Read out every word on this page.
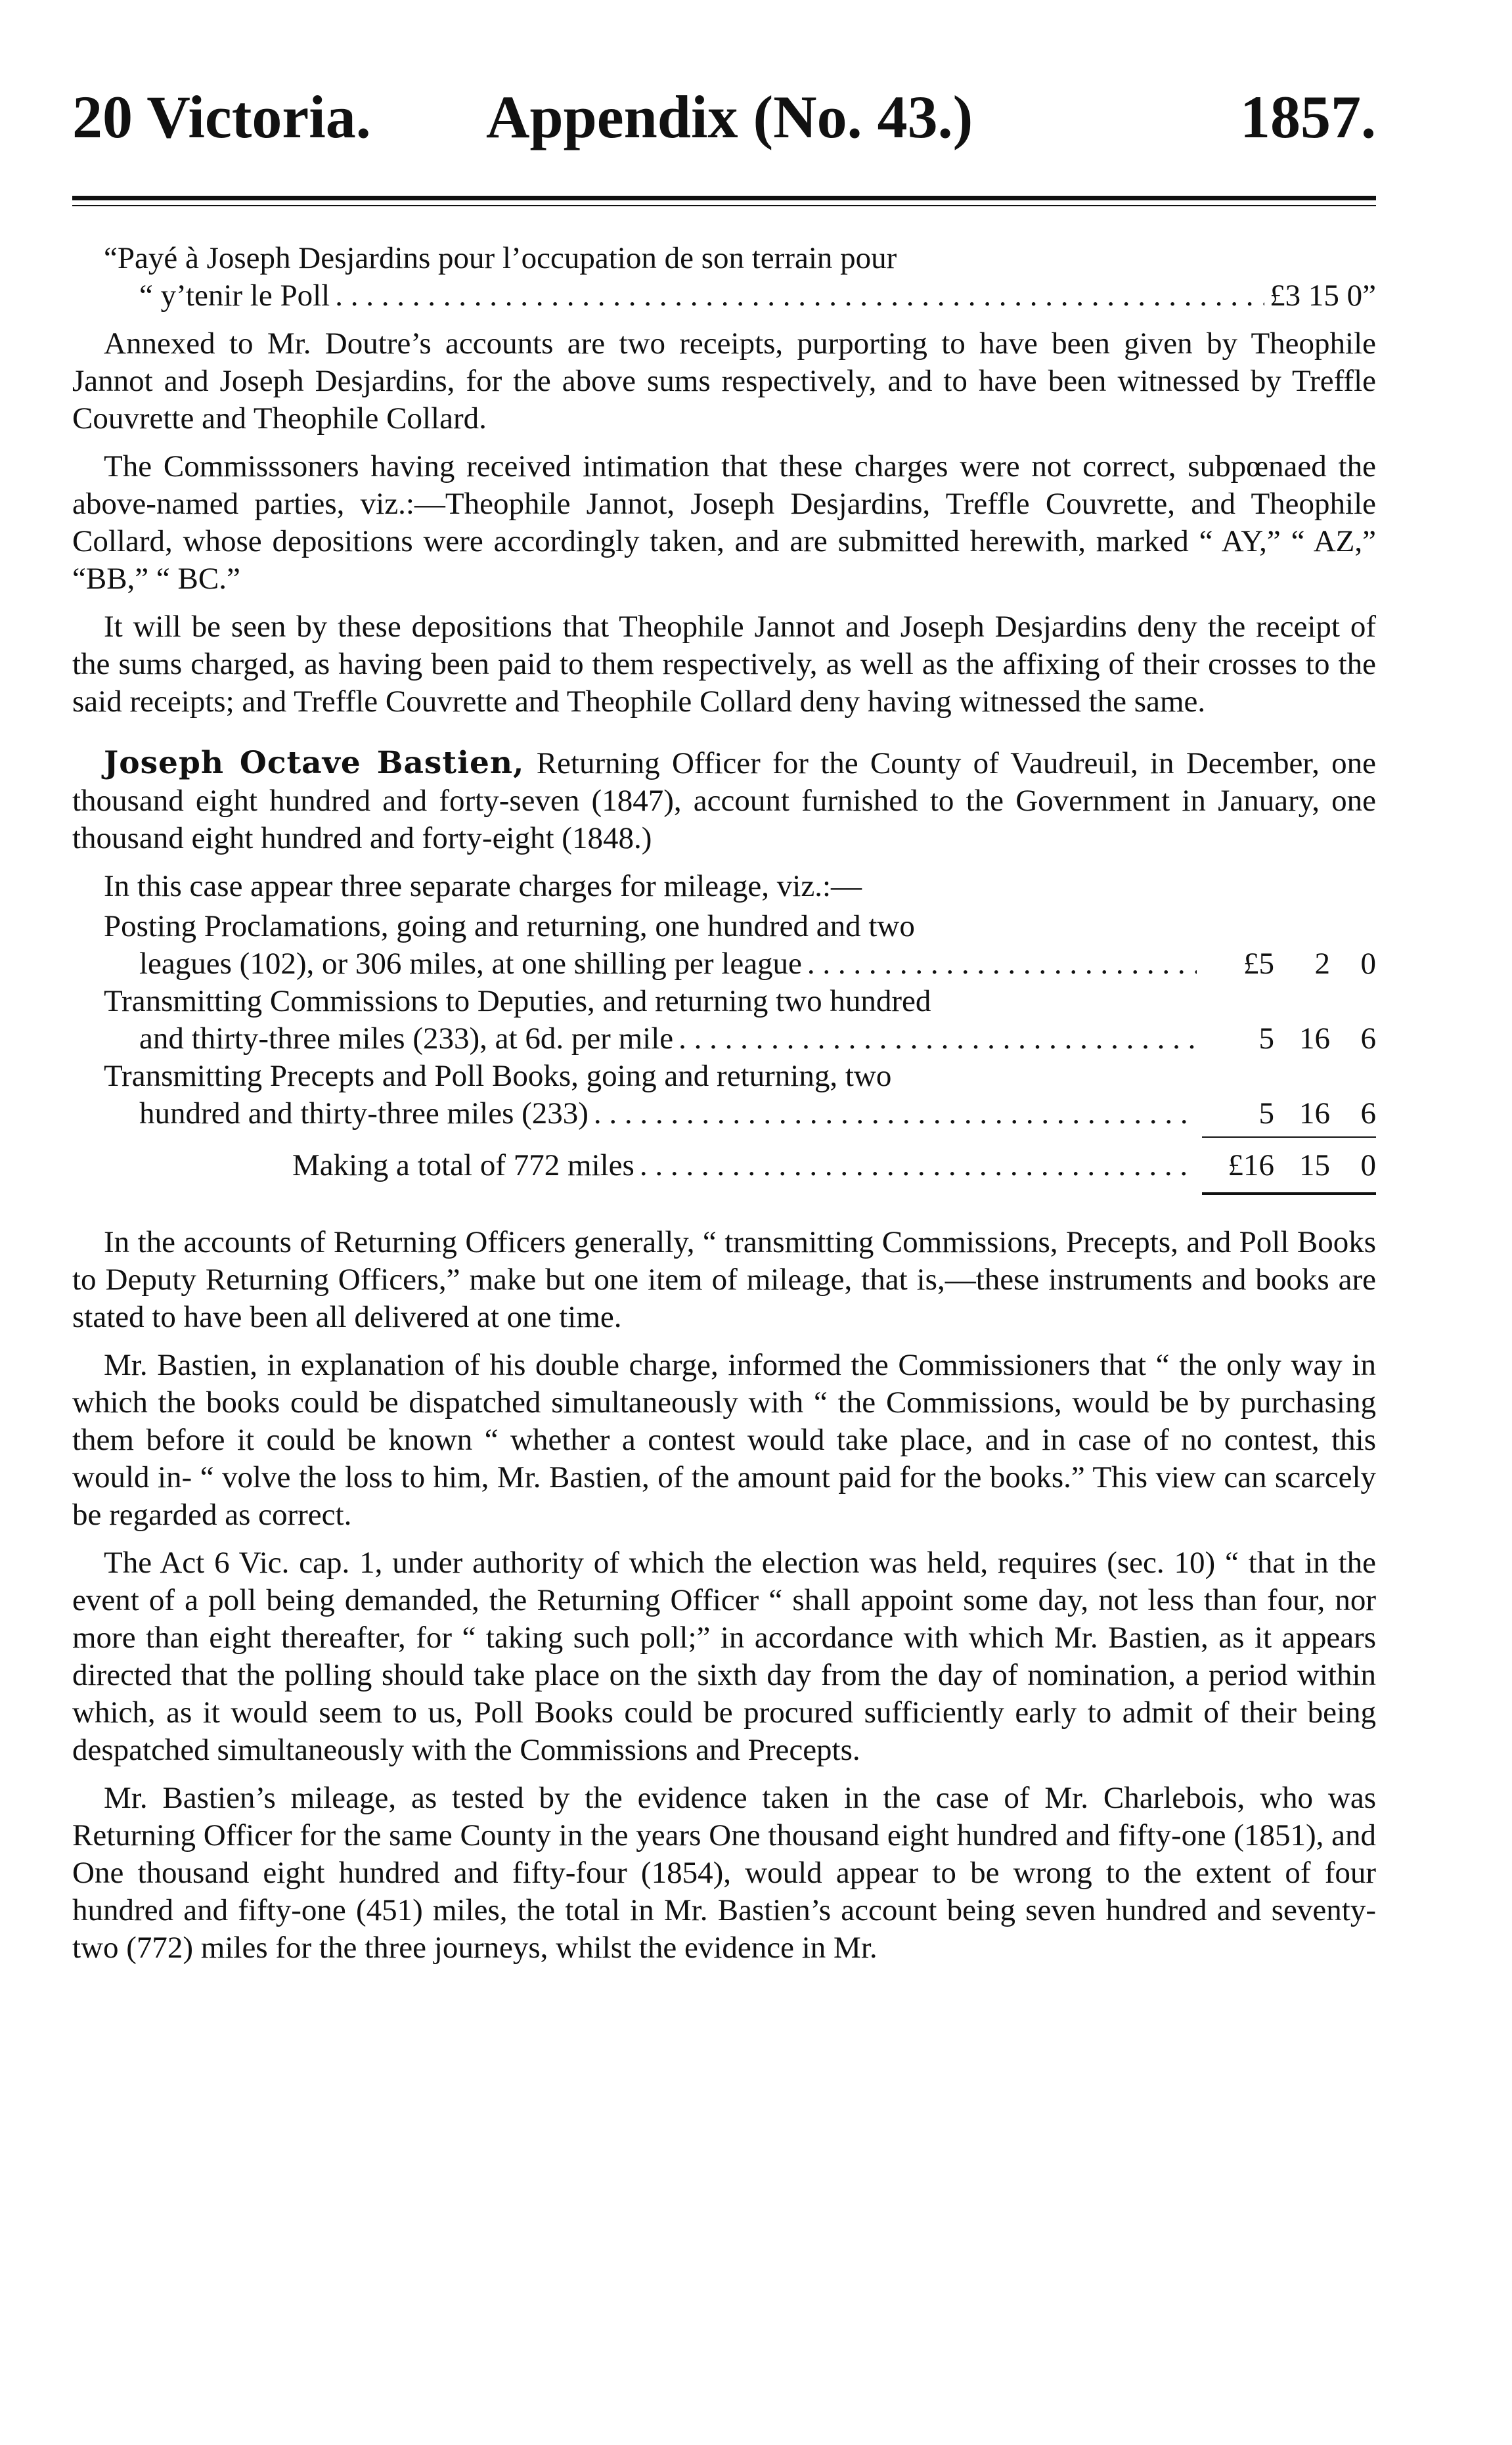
20 Victoria. Appendix (No. 43.)	1857.

“Payé à Joseph Desjardins pour l’occupation de son terrain pour

“ y’tenir le Poll . . .	£3 15 0”

Annexed to Mr. Doutre’s accounts are two receipts, purporting to have been given by Theophile Jannot and Joseph Desjardins, for the above sums respectively, and to have been witnessed by Treffle Couvrette and Theophile Collard.

The Commisssoners having received intimation that these charges were not correct, subpœnaed the above-named parties, viz.:—Theophile Jannot, Joseph Desjardins, Treffle Couvrette, and Theophile Collard, whose depositions were accordingly taken, and are submitted herewith, marked “ AY,” “ AZ,” “BB,” “ BC.”

It will be seen by these depositions that Theophile Jannot and Joseph Desjardins deny the receipt of the sums charged, as having been paid to them respectively, as well as the affixing of their crosses to the said receipts; and Treffle Couvrette and Theophile Collard deny having witnessed the same.

Joseph Octave Bastien, Returning Officer for the County of Vaudreuil, in December, one thousand eight hundred and forty-seven (1847), account furnished to the Government in January, one thousand eight hundred and forty-eight (1848.)

In this case appear three separate charges for mileage, viz.:—

Posting Proclamations, going and returning, one hundred and two
leagues (102), or 306 miles, at one shilling per league . . .	£5	2 0
Transmitting Commissions to Deputies, and returning two hundred
and thirty-three miles (233), at 6d. per mile . . .	5 16 6
Transmitting Precepts and Poll Books, going and returning, two
hundred and thirty-three miles (233) . . .	5 16 6
Making a total of 772 miles . . .	£16 15 0

In the accounts of Returning Officers generally, “ transmitting Commissions, Precepts, and Poll Books to Deputy Returning Officers,” make but one item of mileage, that is,—these instruments and books are stated to have been all delivered at one time.

Mr. Bastien, in explanation of his double charge, informed the Commissioners that “ the only way in which the books could be dispatched simultaneously with “ the Commissions, would be by purchasing them before it could be known “ whether a contest would take place, and in case of no contest, this would in- “ volve the loss to him, Mr. Bastien, of the amount paid for the books.” This view can scarcely be regarded as correct.

The Act 6 Vic. cap. 1, under authority of which the election was held, requires (sec. 10) “ that in the event of a poll being demanded, the Returning Officer “ shall appoint some day, not less than four, nor more than eight thereafter, for “ taking such poll;” in accordance with which Mr. Bastien, as it appears directed that the polling should take place on the sixth day from the day of nomination, a period within which, as it would seem to us, Poll Books could be procured sufficiently early to admit of their being despatched simultaneously with the Commissions and Precepts.

Mr. Bastien’s mileage, as tested by the evidence taken in the case of Mr. Charlebois, who was Returning Officer for the same County in the years One thousand eight hundred and fifty-one (1851), and One thousand eight hundred and fifty-four (1854), would appear to be wrong to the extent of four hundred and fifty-one (451) miles, the total in Mr. Bastien’s account being seven hundred and seventy-two (772) miles for the three journeys, whilst the evidence in Mr.
